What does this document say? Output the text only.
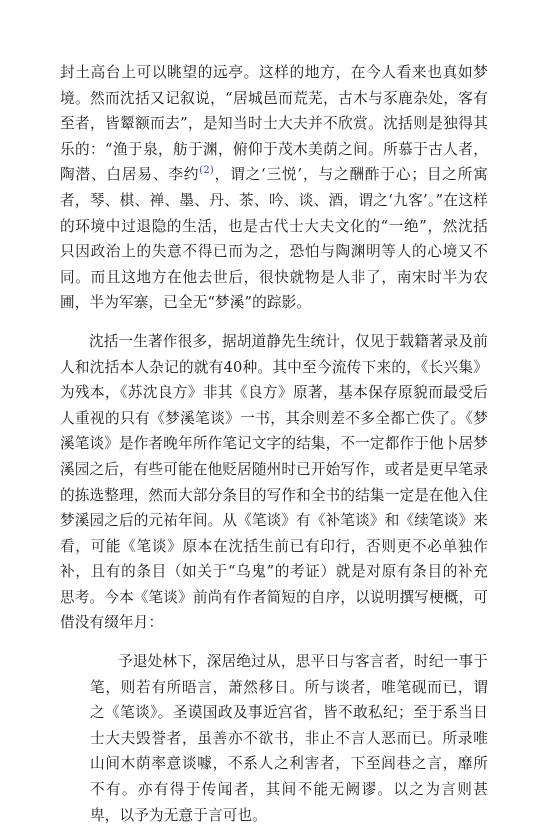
封土高台上可以眺望的远亭。这样的地方，在今人看来也真如梦境。然而沈括又记叙说，“居城邑而荒芜，古木与豕鹿杂处，客有至者，皆颦额而去”，是知当时士大夫并不欣赏。沈括则是独得其乐的：“渔于泉，舫于渊，俯仰于茂木美荫之间。所慕于古人者，陶潜、白居易、李约$^{(2)}$，谓之‘三悦’，与之酬酢于心；目之所寓者，琴、棋、禅、墨、丹、茶、吟、谈、酒，谓之‘九客’。”在这样的环境中过退隐的生活，也是古代士大夫文化的“一绝”，然沈括只因政治上的失意不得已而为之，恐怕与陶渊明等人的心境又不同。而且这地方在他去世后，很快就物是人非了，南宋时半为农圃，半为军寨，已全无“梦溪”的踪影。

沈括一生著作很多，据胡道静先生统计，仅见于载籍著录及前人和沈括本人杂记的就有40种。其中至今流传下来的，《长兴集》为残本，《苏沈良方》非其《良方》原著，基本保存原貌而最受后人重视的只有《梦溪笔谈》一书，其余则差不多全都亡佚了。《梦溪笔谈》是作者晚年所作笔记文字的结集，不一定都作于他卜居梦溪园之后，有些可能在他贬居随州时已开始写作，或者是更早笔录的拣选整理，然而大部分条目的写作和全书的结集一定是在他入住梦溪园之后的元祐年间。从《笔谈》有《补笔谈》和《续笔谈》来看，可能《笔谈》原本在沈括生前已有印行，否则更不必单独作补，且有的条目（如关于“乌鬼”的考证）就是对原有条目的补充思考。今本《笔谈》前尚有作者简短的自序，以说明撰写梗概，可借没有缀年月：

予退处林下，深居绝过从，思平日与客言者，时纪一事于笔，则若有所晤言，萧然移日。所与谈者，唯笔砚而已，谓之《笔谈》。圣谟国政及事近宫省，皆不敢私纪；至于系当日士大夫毁誉者，虽善亦不欲书，非止不言人恶而已。所录唯山间木荫率意谈噱，不系人之利害者，下至闾巷之言，靡所不有。亦有得于传闻者，其间不能无阙谬。以之为言则甚卑，以予为无意于言可也。
